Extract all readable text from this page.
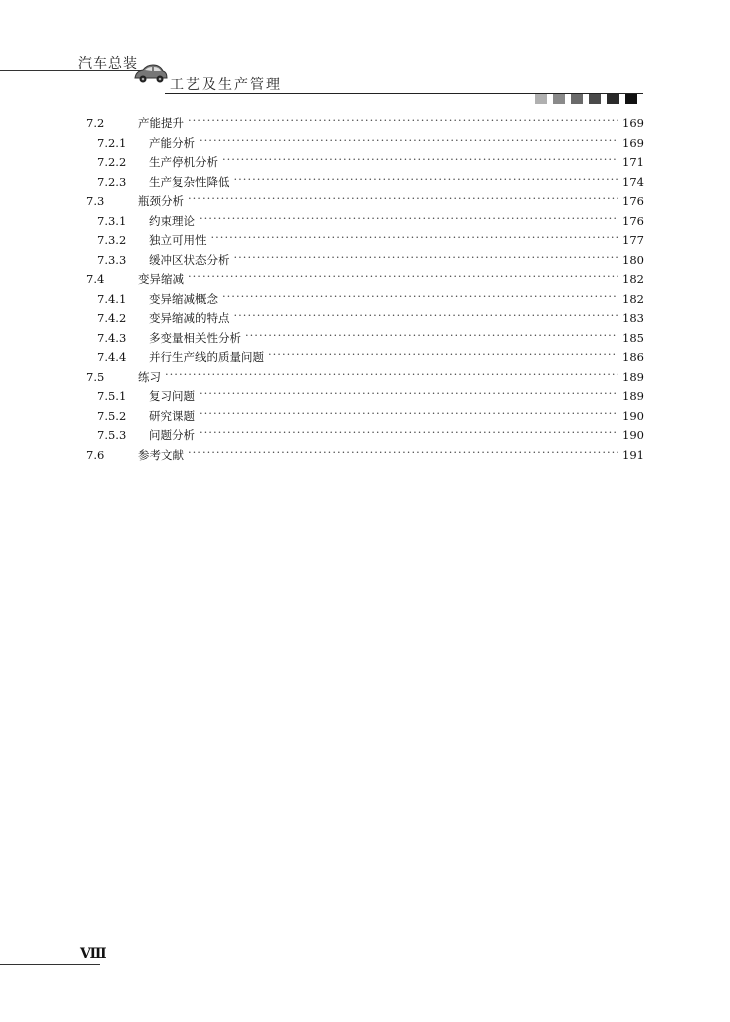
汽车总装
工艺及生产管理
7.2	产能提升 ·····	169
7.2.1	产能分析 ·····	169
7.2.2	生产停机分析 ·····	171
7.2.3	生产复杂性降低 ·····	174
7.3	瓶颈分析 ·····	176
7.3.1	约束理论 ·····	176
7.3.2	独立可用性 ·····	177
7.3.3	缓冲区状态分析 ·····	180
7.4	变异缩减 ·····	182
7.4.1	变异缩减概念 ·····	182
7.4.2	变异缩减的特点 ·····	183
7.4.3	多变量相关性分析 ·····	185
7.4.4	并行生产线的质量问题 ·····	186
7.5	练习 ·····	189
7.5.1	复习问题 ·····	189
7.5.2	研究课题 ·····	190
7.5.3	问题分析 ·····	190
7.6	参考文献 ·····	191
Ⅷ
